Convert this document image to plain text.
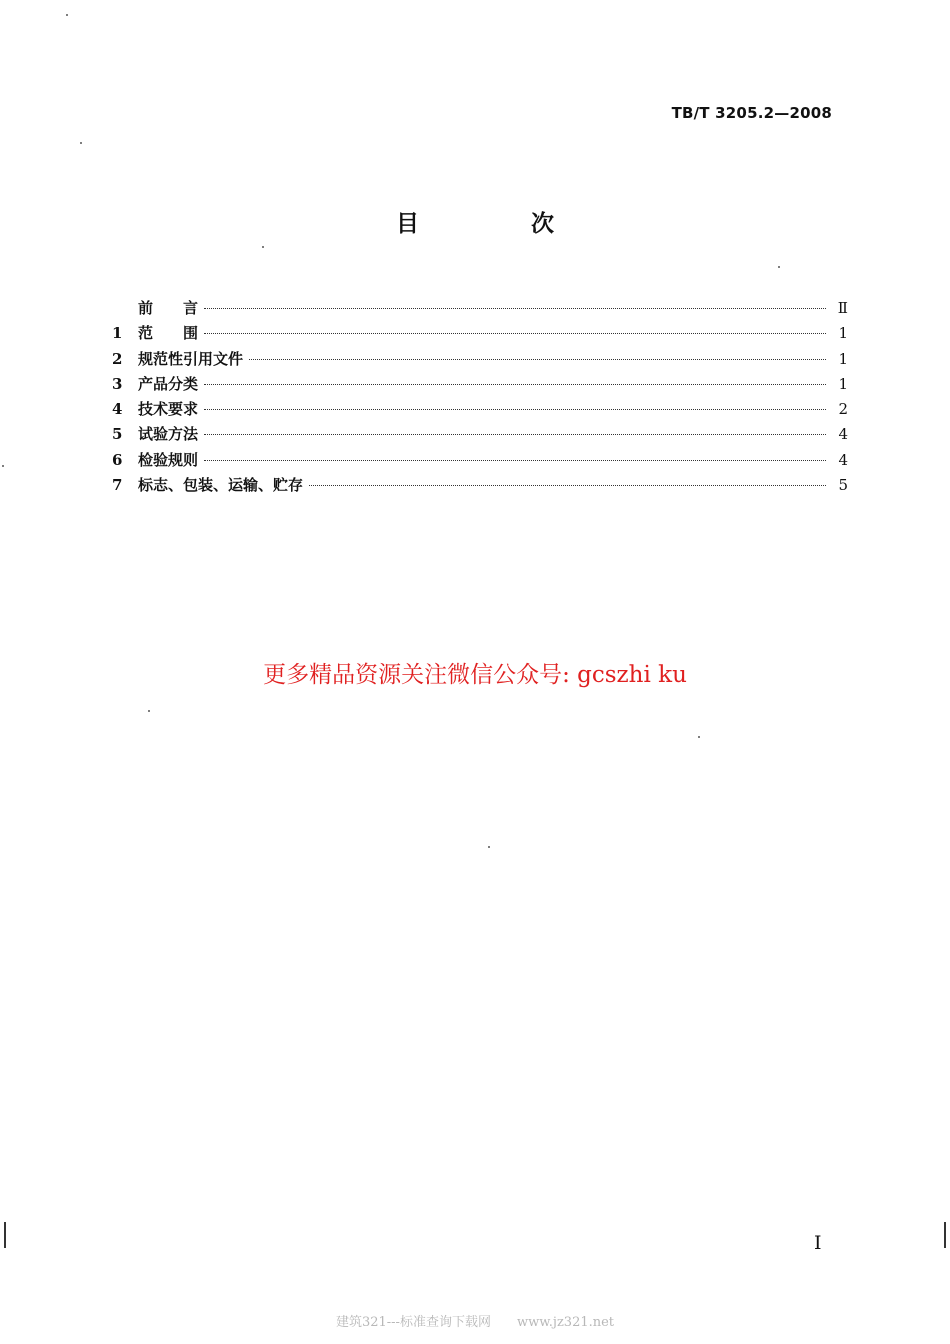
TB/T 3205.2—2008
目 次
前　　言	Ⅱ
1	范　　围	1
2	规范性引用文件	1
3	产品分类	1
4	技术要求	2
5	试验方法	4
6	检验规则	4
7	标志、包装、运输、贮存	5
更多精品资源关注微信公众号: gcszhi ku
I
建筑321---标准查询下载网　　www.jz321.net
